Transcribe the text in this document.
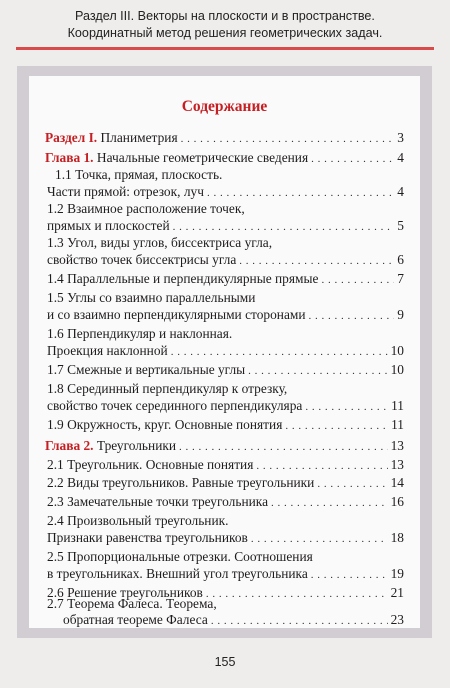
Раздел III. Векторы на плоскости и в пространстве.
Координатный метод решения геометрических задач.
Содержание
Раздел I. Планиметрия . . .	3
Глава 1. Начальные геометрические сведения . . .	4
1.1 Точка, прямая, плоскость.
Части прямой: отрезок, луч . . .	4
1.2 Взаимное расположение точек,
прямых и плоскостей . . .	5
1.3 Угол, виды углов, биссектриса угла,
свойство точек биссектрисы угла . . .	6
1.4 Параллельные и перпендикулярные прямые . . .	7
1.5 Углы со взаимно параллельными
и со взаимно перпендикулярными сторонами . . .	9
1.6 Перпендикуляр и наклонная.
Проекция наклонной . . .	10
1.7 Смежные и вертикальные углы . . .	10
1.8 Серединный перпендикуляр к отрезку,
свойство точек серединного перпендикуляра . . .	11
1.9 Окружность, круг. Основные понятия . . .	11
Глава 2. Треугольники . . .	13
2.1 Треугольник. Основные понятия . . .	13
2.2 Виды треугольников. Равные треугольники . . .	14
2.3 Замечательные точки треугольника . . .	16
2.4 Произвольный треугольник.
Признаки равенства треугольников . . .	18
2.5 Пропорциональные отрезки. Соотношения
в треугольниках. Внешний угол треугольника . . .	19
2.6 Решение треугольников . . .	21
2.7 Теорема Фалеса. Теорема,
обратная теореме Фалеса . . .	23
155
